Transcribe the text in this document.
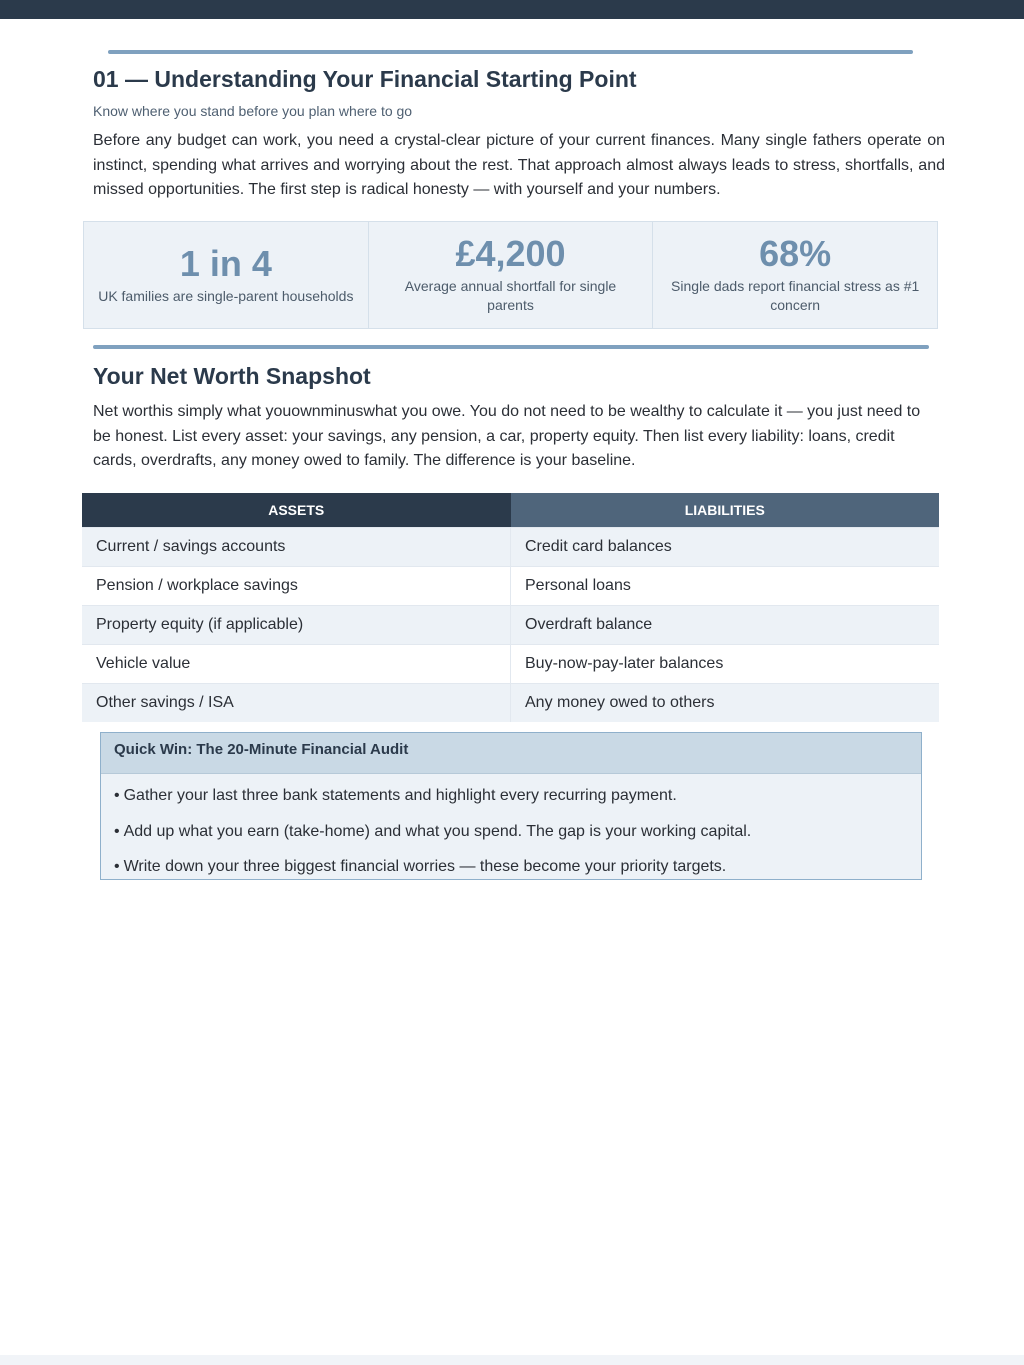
01 — Understanding Your Financial Starting Point

Know where you stand before you plan where to go

Before any budget can work, you need a crystal-clear picture of your current finances. Many single fathers operate on instinct, spending what arrives and worrying about the rest. That approach almost always leads to stress, shortfalls, and missed opportunities. The first step is radical honesty — with yourself and your numbers.

1 in 4
UK families are single-parent households
£4,200
Average annual shortfall for single parents
68%
Single dads report financial stress as #1 concern
Your Net Worth Snapshot

Net worthis simply what youownminuswhat you owe. You do not need to be wealthy to calculate it — you just need to be honest. List every asset: your savings, any pension, a car, property equity. Then list every liability: loans, credit cards, overdrafts, any money owed to family. The difference is your baseline.

ASSETS	LIABILITIES
Current / savings accounts	Credit card balances
Pension / workplace savings	Personal loans
Property equity (if applicable)	Overdraft balance
Vehicle value	Buy-now-pay-later balances
Other savings / ISA	Any money owed to others
Quick Win: The 20-Minute Financial Audit
• Gather your last three bank statements and highlight every recurring payment.
• Add up what you earn (take-home) and what you spend. The gap is your working capital.
• Write down your three biggest financial worries — these become your priority targets.
